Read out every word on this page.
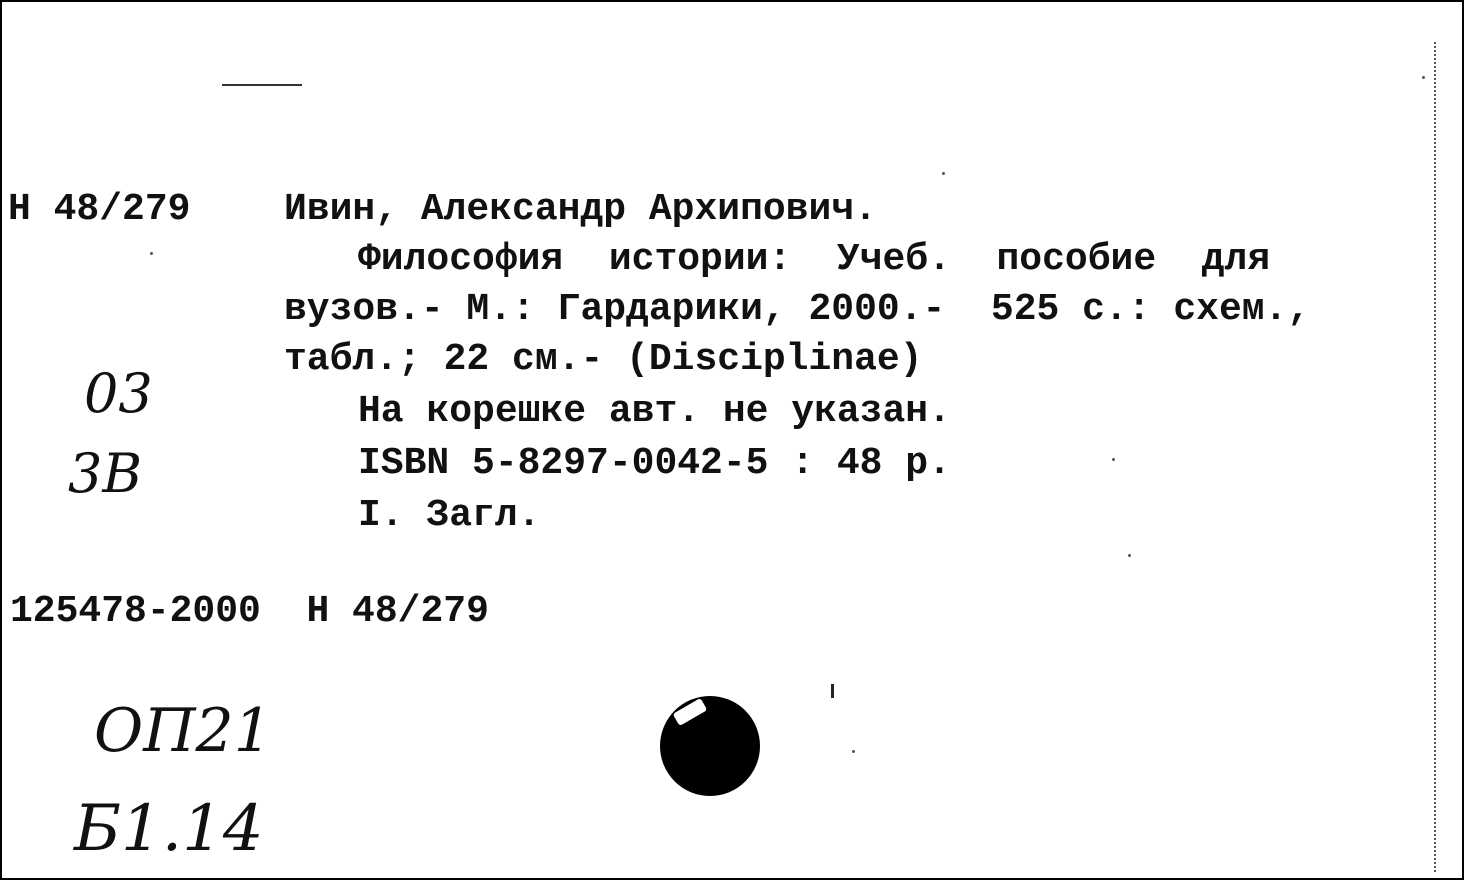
Н 48/279 Ивин, Александр Архипович.
Философия  истории:  Учеб.  пособие  для
вузов.- М.: Гардарики, 2000.-  525 с.: схем.,
табл.; 22 см.- (Disciplinae)
На корешке авт. не указан.
ISBN 5-8297-0042-5 : 48 р.
I. Загл.
125478-2000  Н 48/279
03
3В
ОП21
Б1.14
